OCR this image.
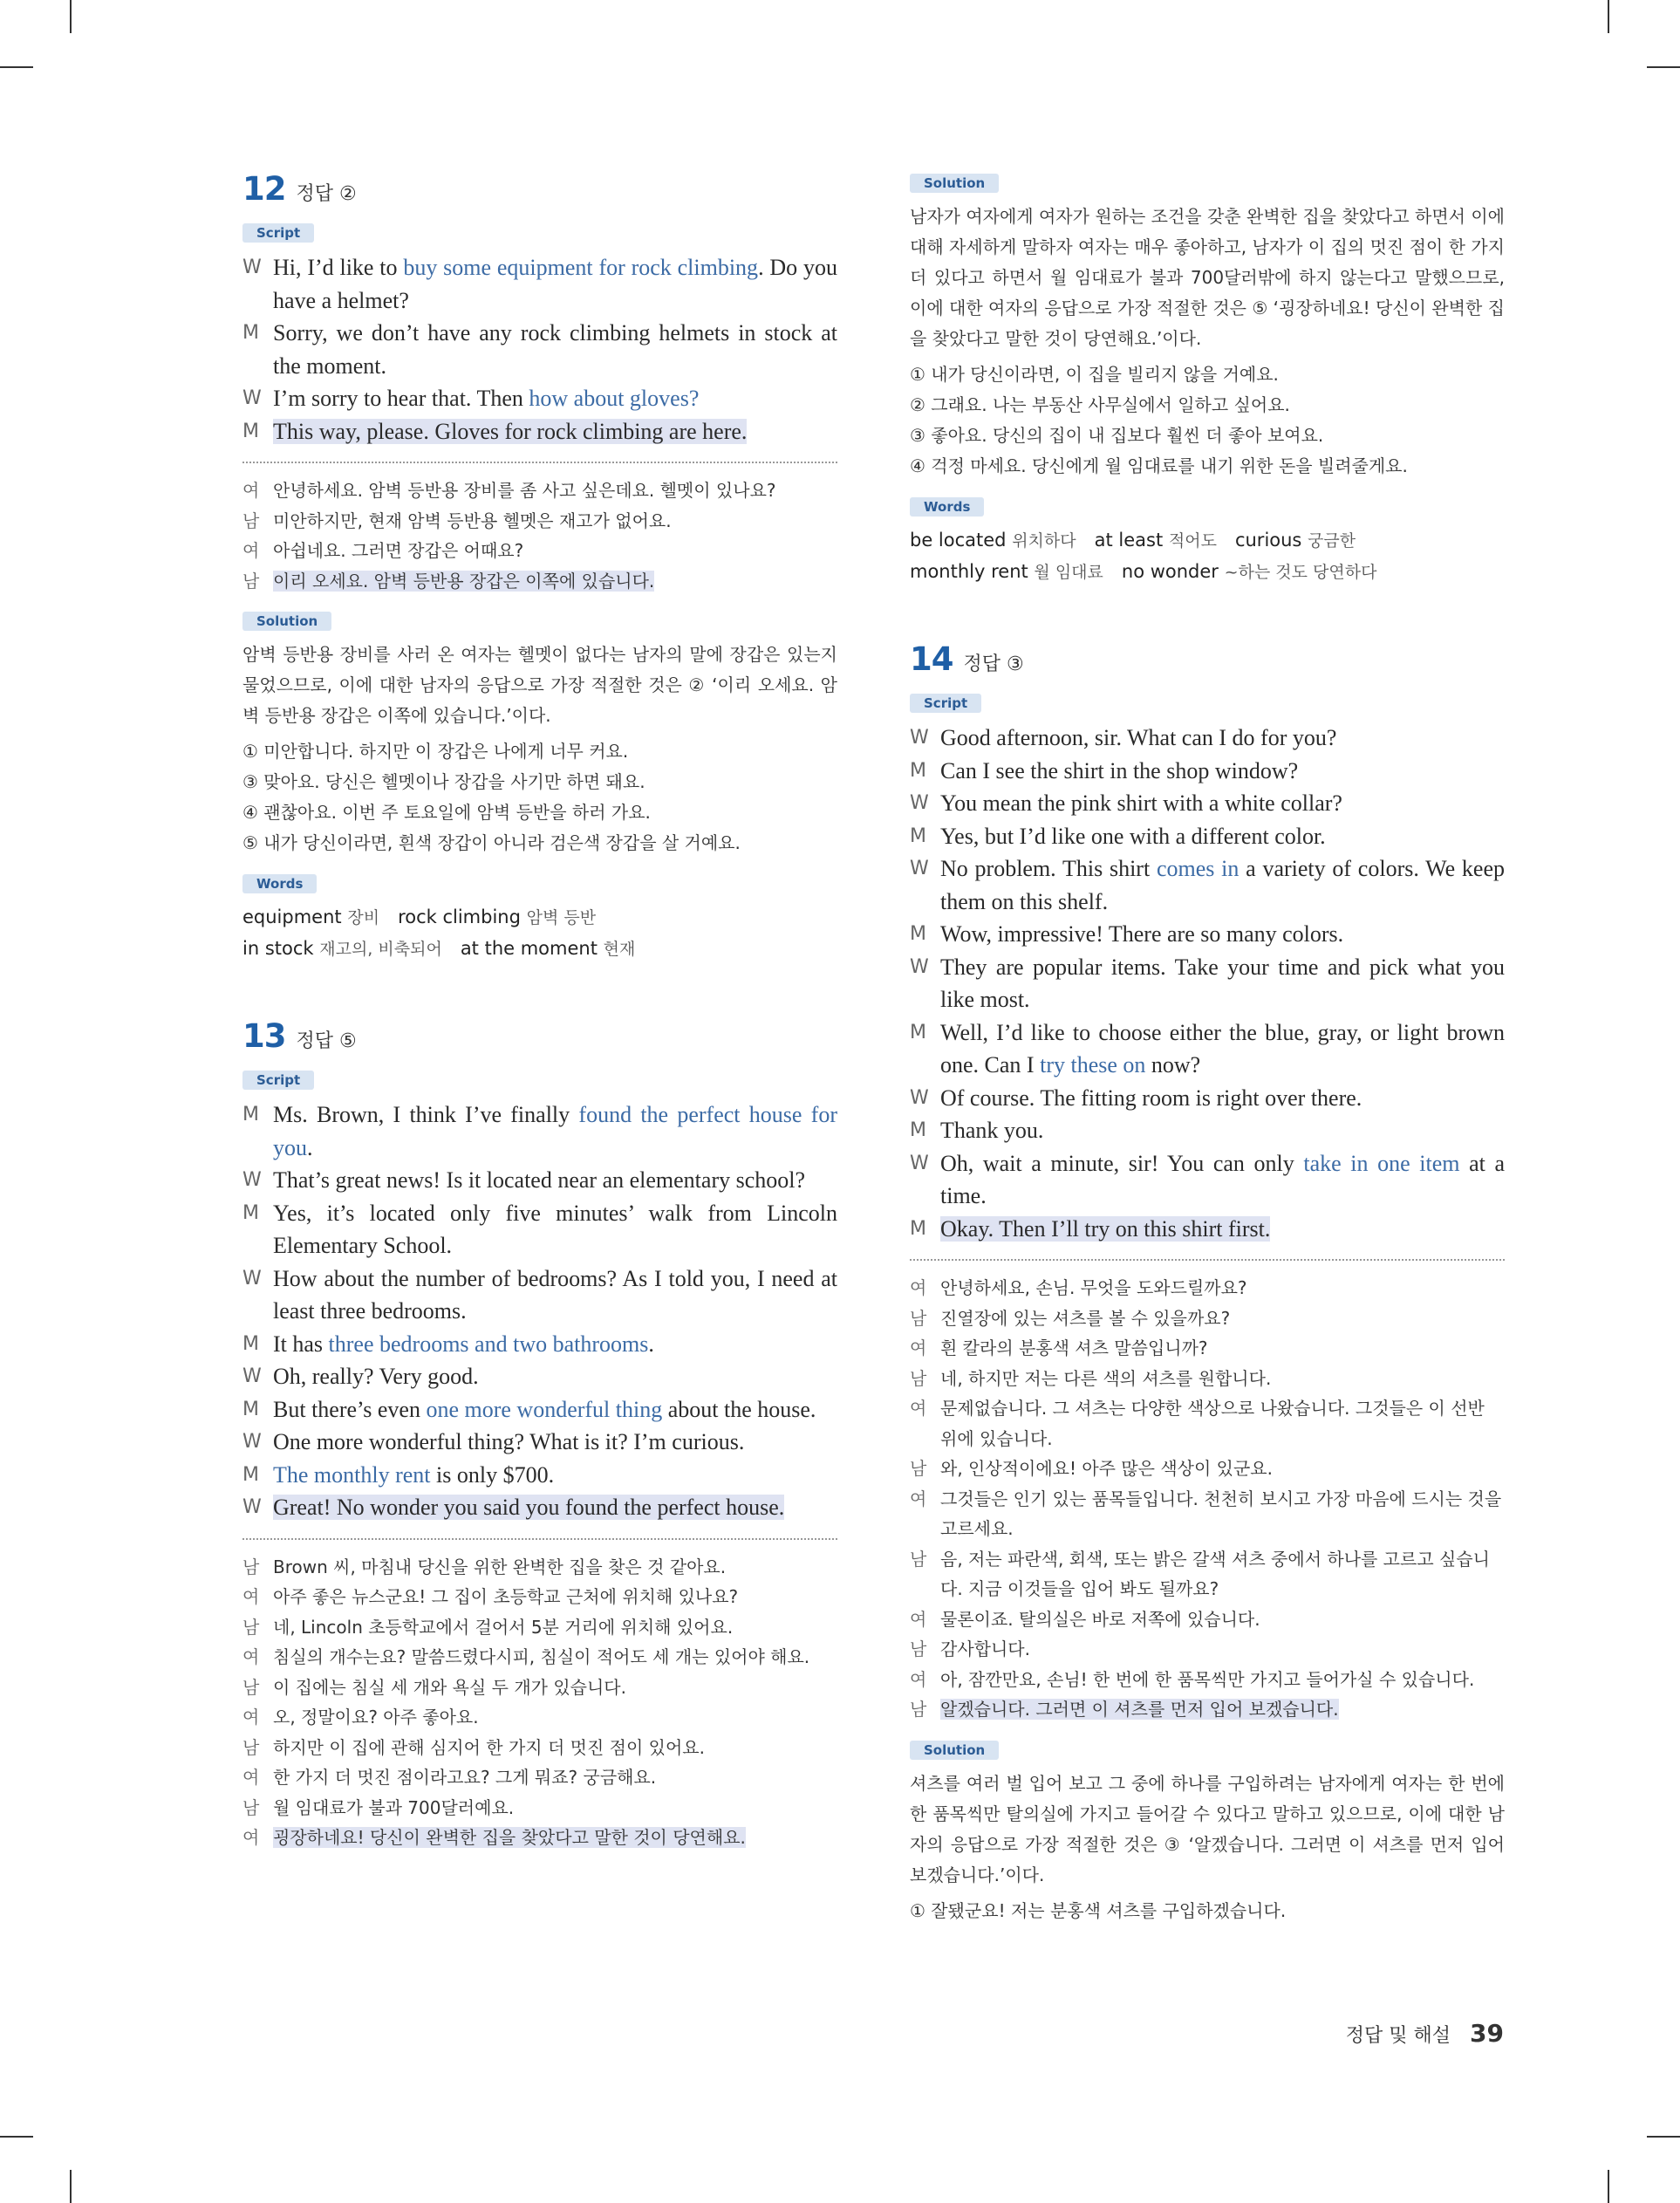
12 정답 ②
Script
W Hi, I’d like to buy some equipment for rock climbing. Do you have a helmet?
M Sorry, we don’t have any rock climbing helmets in stock at the moment.
W I’m sorry to hear that. Then how about gloves?
M This way, please. Gloves for rock climbing are here.
여 안녕하세요. 암벽 등반용 장비를 좀 사고 싶은데요. 헬멧이 있나요?
남 미안하지만, 현재 암벽 등반용 헬멧은 재고가 없어요.
여 아쉽네요. 그러면 장갑은 어때요?
남 이리 오세요. 암벽 등반용 장갑은 이쪽에 있습니다.
Solution
암벽 등반용 장비를 사러 온 여자는 헬멧이 없다는 남자의 말에 장갑은 있는지 물었으므로, 이에 대한 남자의 응답으로 가장 적절한 것은 ② ‘이리 오세요. 암벽 등반용 장갑은 이쪽에 있습니다.’이다.
① 미안합니다. 하지만 이 장갑은 나에게 너무 커요.
③ 맞아요. 당신은 헬멧이나 장갑을 사기만 하면 돼요.
④ 괜찮아요. 이번 주 토요일에 암벽 등반을 하러 가요.
⑤ 내가 당신이라면, 흰색 장갑이 아니라 검은색 장갑을 살 거예요.
Words
equipment 장비  rock climbing 암벽 등반
in stock 재고의, 비축되어  at the moment 현재
13 정답 ⑤
Script
M Ms. Brown, I think I’ve finally found the perfect house for you.
W That’s great news! Is it located near an elementary school?
M Yes, it’s located only five minutes’ walk from Lincoln Elementary School.
W How about the number of bedrooms? As I told you, I need at least three bedrooms.
M It has three bedrooms and two bathrooms.
W Oh, really? Very good.
M But there’s even one more wonderful thing about the house.
W One more wonderful thing? What is it? I’m curious.
M The monthly rent is only $700.
W Great! No wonder you said you found the perfect house.
남 Brown 씨, 마침내 당신을 위한 완벽한 집을 찾은 것 같아요.
여 아주 좋은 뉴스군요! 그 집이 초등학교 근처에 위치해 있나요?
남 네, Lincoln 초등학교에서 걸어서 5분 거리에 위치해 있어요.
여 침실의 개수는요? 말씀드렸다시피, 침실이 적어도 세 개는 있어야 해요.
남 이 집에는 침실 세 개와 욕실 두 개가 있습니다.
여 오, 정말이요? 아주 좋아요.
남 하지만 이 집에 관해 심지어 한 가지 더 멋진 점이 있어요.
여 한 가지 더 멋진 점이라고요? 그게 뭐죠? 궁금해요.
남 월 임대료가 불과 700달러예요.
여 굉장하네요! 당신이 완벽한 집을 찾았다고 말한 것이 당연해요.
Solution
남자가 여자에게 여자가 원하는 조건을 갖춘 완벽한 집을 찾았다고 하면서 이에 대해 자세하게 말하자 여자는 매우 좋아하고, 남자가 이 집의 멋진 점이 한 가지 더 있다고 하면서 월 임대료가 불과 700달러밖에 하지 않는다고 말했으므로, 이에 대한 여자의 응답으로 가장 적절한 것은 ⑤ ‘굉장하네요! 당신이 완벽한 집을 찾았다고 말한 것이 당연해요.’이다.
① 내가 당신이라면, 이 집을 빌리지 않을 거예요.
② 그래요. 나는 부동산 사무실에서 일하고 싶어요.
③ 좋아요. 당신의 집이 내 집보다 훨씬 더 좋아 보여요.
④ 걱정 마세요. 당신에게 월 임대료를 내기 위한 돈을 빌려줄게요.
Words
be located 위치하다  at least 적어도  curious 궁금한
monthly rent 월 임대료  no wonder ~하는 것도 당연하다
14 정답 ③
Script
W Good afternoon, sir. What can I do for you?
M Can I see the shirt in the shop window?
W You mean the pink shirt with a white collar?
M Yes, but I’d like one with a different color.
W No problem. This shirt comes in a variety of colors. We keep them on this shelf.
M Wow, impressive! There are so many colors.
W They are popular items. Take your time and pick what you like most.
M Well, I’d like to choose either the blue, gray, or light brown one. Can I try these on now?
W Of course. The fitting room is right over there.
M Thank you.
W Oh, wait a minute, sir! You can only take in one item at a time.
M Okay. Then I’ll try on this shirt first.
여 안녕하세요, 손님. 무엇을 도와드릴까요?
남 진열장에 있는 셔츠를 볼 수 있을까요?
여 흰 칼라의 분홍색 셔츠 말씀입니까?
남 네, 하지만 저는 다른 색의 셔츠를 원합니다.
여 문제없습니다. 그 셔츠는 다양한 색상으로 나왔습니다. 그것들은 이 선반 위에 있습니다.
남 와, 인상적이에요! 아주 많은 색상이 있군요.
여 그것들은 인기 있는 품목들입니다. 천천히 보시고 가장 마음에 드시는 것을 고르세요.
남 음, 저는 파란색, 회색, 또는 밝은 갈색 셔츠 중에서 하나를 고르고 싶습니다. 지금 이것들을 입어 봐도 될까요?
여 물론이죠. 탈의실은 바로 저쪽에 있습니다.
남 감사합니다.
여 아, 잠깐만요, 손님! 한 번에 한 품목씩만 가지고 들어가실 수 있습니다.
남 알겠습니다. 그러면 이 셔츠를 먼저 입어 보겠습니다.
Solution
셔츠를 여러 벌 입어 보고 그 중에 하나를 구입하려는 남자에게 여자는 한 번에 한 품목씩만 탈의실에 가지고 들어갈 수 있다고 말하고 있으므로, 이에 대한 남자의 응답으로 가장 적절한 것은 ③ ‘알겠습니다. 그러면 이 셔츠를 먼저 입어 보겠습니다.’이다.
① 잘됐군요! 저는 분홍색 셔츠를 구입하겠습니다.
정답 및 해설 39
